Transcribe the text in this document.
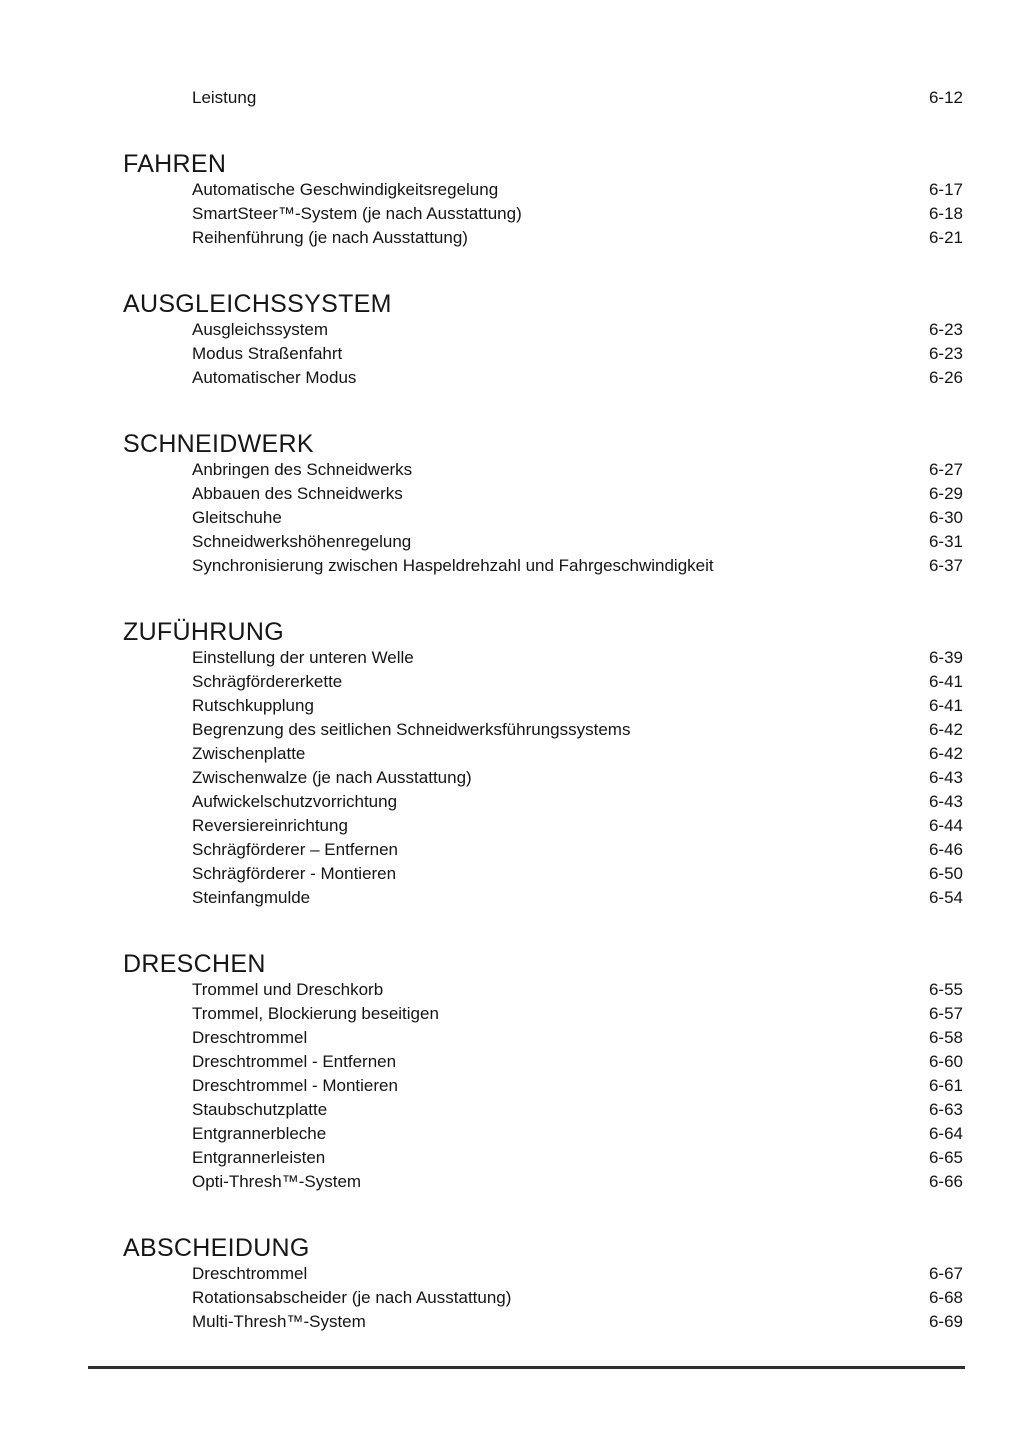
Leistung	6-12
FAHREN
Automatische Geschwindigkeitsregelung	6-17
SmartSteer™-System (je nach Ausstattung)	6-18
Reihenführung (je nach Ausstattung)	6-21
AUSGLEICHSSYSTEM
Ausgleichssystem	6-23
Modus Straßenfahrt	6-23
Automatischer Modus	6-26
SCHNEIDWERK
Anbringen des Schneidwerks	6-27
Abbauen des Schneidwerks	6-29
Gleitschuhe	6-30
Schneidwerkshöhenregelung	6-31
Synchronisierung zwischen Haspeldrehzahl und Fahrgeschwindigkeit	6-37
ZUFÜHRUNG
Einstellung der unteren Welle	6-39
Schrägfördererkette	6-41
Rutschkupplung	6-41
Begrenzung des seitlichen Schneidwerksführungssystems	6-42
Zwischenplatte	6-42
Zwischenwalze (je nach Ausstattung)	6-43
Aufwickelschutzvorrichtung	6-43
Reversiereinrichtung	6-44
Schrägförderer – Entfernen	6-46
Schrägförderer - Montieren	6-50
Steinfangmulde	6-54
DRESCHEN
Trommel und Dreschkorb	6-55
Trommel, Blockierung beseitigen	6-57
Dreschtrommel	6-58
Dreschtrommel - Entfernen	6-60
Dreschtrommel - Montieren	6-61
Staubschutzplatte	6-63
Entgrannerbleche	6-64
Entgrannerleisten	6-65
Opti-Thresh™-System	6-66
ABSCHEIDUNG
Dreschtrommel	6-67
Rotationsabscheider (je nach Ausstattung)	6-68
Multi-Thresh™-System	6-69
